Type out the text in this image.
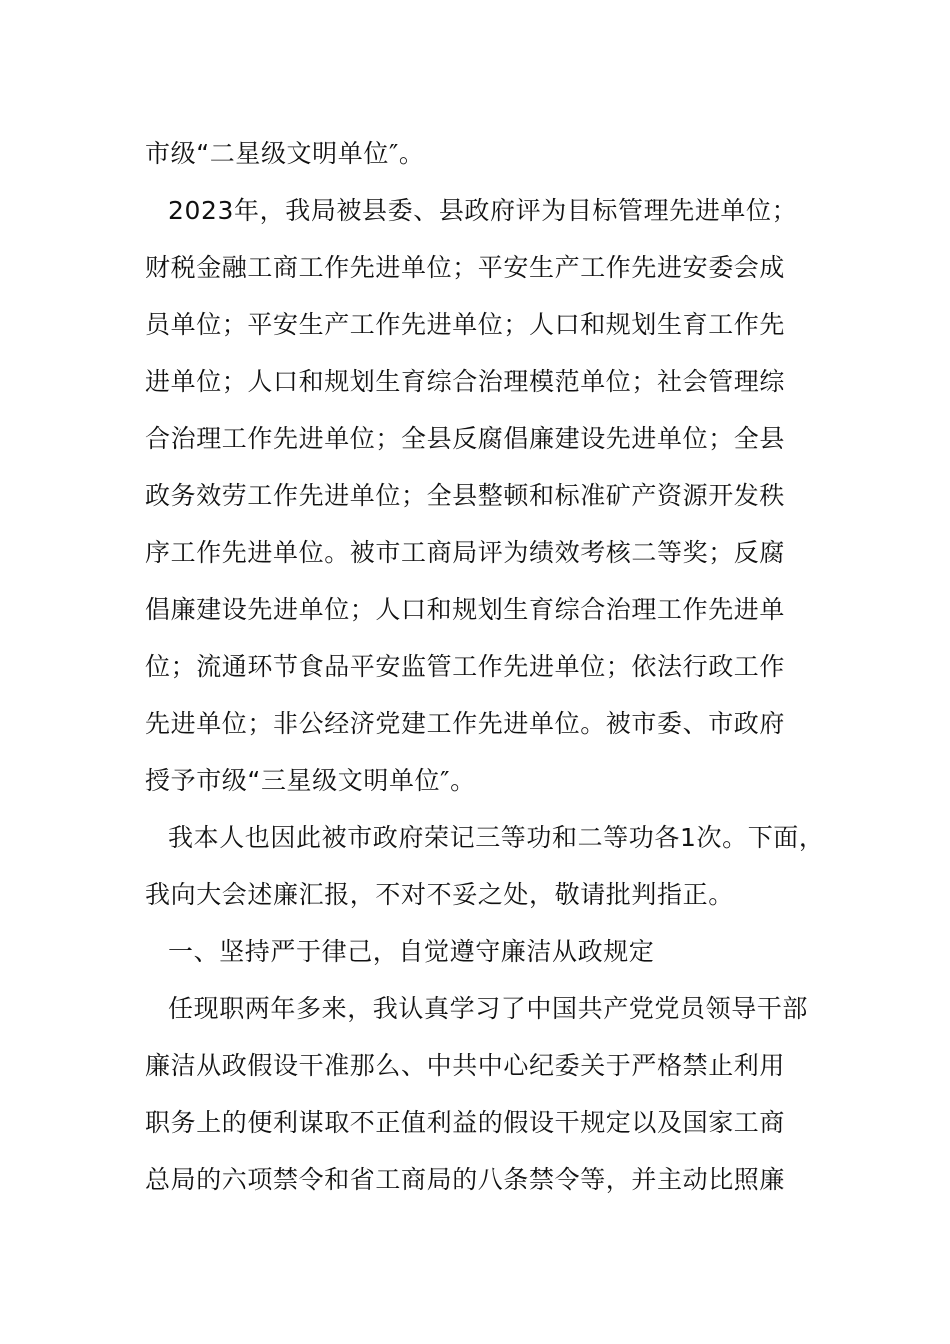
市级“二星级文明单位″。
2023年，我局被县委、县政府评为目标管理先进单位；
财税金融工商工作先进单位；平安生产工作先进安委会成
员单位；平安生产工作先进单位；人口和规划生育工作先
进单位；人口和规划生育综合治理模范单位；社会管理综
合治理工作先进单位；全县反腐倡廉建设先进单位；全县
政务效劳工作先进单位；全县整顿和标准矿产资源开发秩
序工作先进单位。被市工商局评为绩效考核二等奖；反腐
倡廉建设先进单位；人口和规划生育综合治理工作先进单
位；流通环节食品平安监管工作先进单位；依法行政工作
先进单位；非公经济党建工作先进单位。被市委、市政府
授予市级“三星级文明单位″。
我本人也因此被市政府荣记三等功和二等功各1次。下面，
我向大会述廉汇报，不对不妥之处，敬请批判指正。
一、坚持严于律己，自觉遵守廉洁从政规定
任现职两年多来，我认真学习了中国共产党党员领导干部
廉洁从政假设干准那么、中共中心纪委关于严格禁止利用
职务上的便利谋取不正值利益的假设干规定以及国家工商
总局的六项禁令和省工商局的八条禁令等，并主动比照廉
